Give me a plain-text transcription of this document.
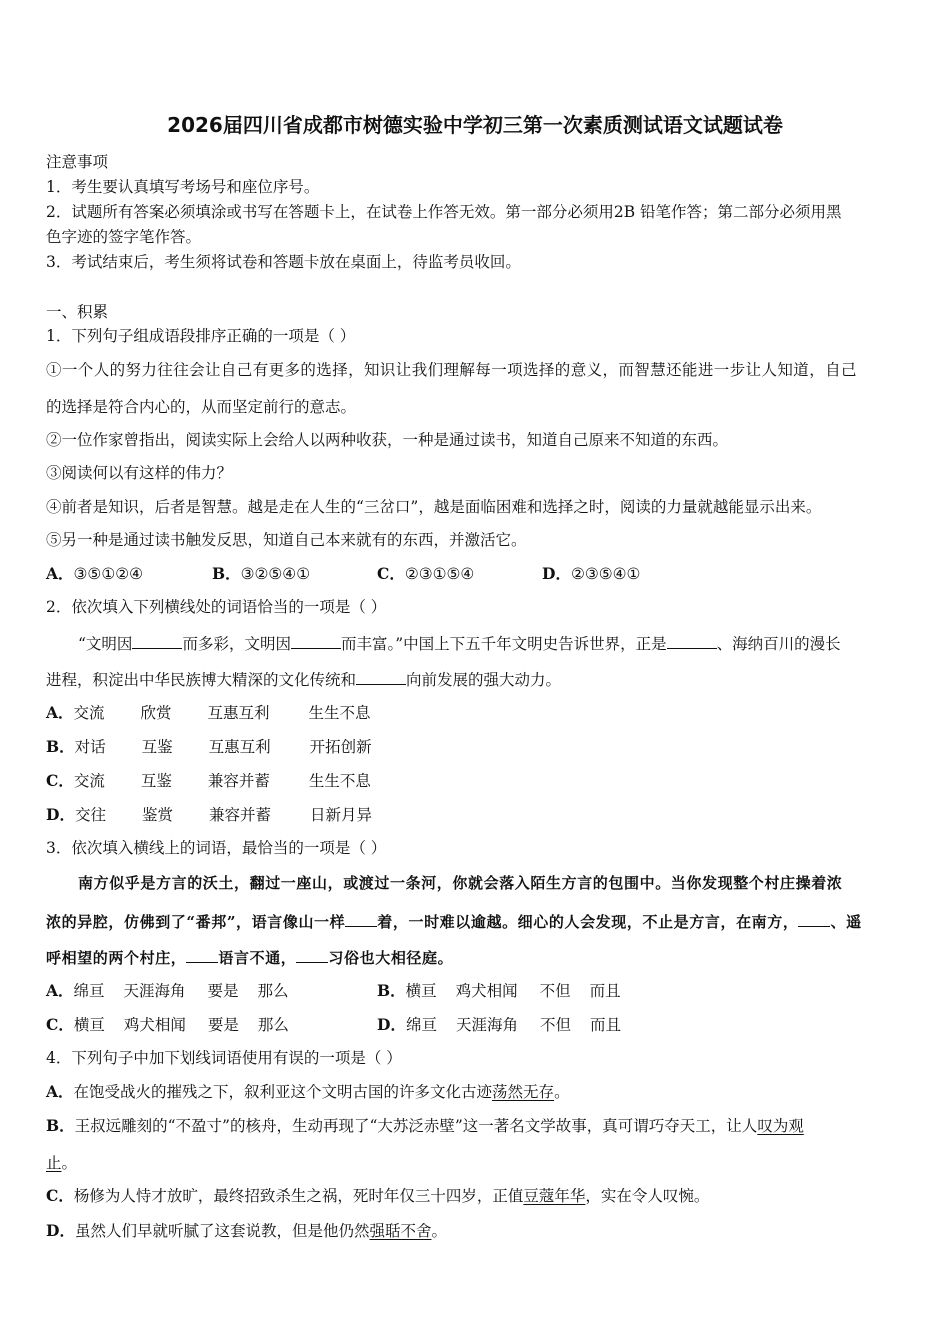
2026届四川省成都市树德实验中学初三第一次素质测试语文试题试卷
注意事项
1．考生要认真填写考场号和座位序号。
2．试题所有答案必须填涂或书写在答题卡上，在试卷上作答无效。第一部分必须用2B 铅笔作答；第二部分必须用黑
色字迹的签字笔作答。
3．考试结束后，考生须将试卷和答题卡放在桌面上，待监考员收回。
一、积累
1．下列句子组成语段排序正确的一项是（ ）
①一个人的努力往往会让自己有更多的选择，知识让我们理解每一项选择的意义，而智慧还能进一步让人知道，自己
的选择是符合内心的，从而坚定前行的意志。
②一位作家曾指出，阅读实际上会给人以两种收获，一种是通过读书，知道自己原来不知道的东西。
③阅读何以有这样的伟力？
④前者是知识，后者是智慧。越是走在人生的“三岔口”，越是面临困难和选择之时，阅读的力量就越能显示出来。
⑤另一种是通过读书触发反思，知道自己本来就有的东西，并激活它。
A．③⑤①②④	B．③②⑤④①	C．②③①⑤④	D．②③⑤④①
2．依次填入下列横线处的词语恰当的一项是（ ）
“文明因	而多彩，文明因	而丰富。”中国上下五千年文明史告诉世界，正是	、海纳百川的漫长
进程，积淀出中华民族博大精深的文化传统和	向前发展的强大动力。
A．交流 欣赏 互惠互利	生生不息
B．对话 互鉴 互惠互利	开拓创新
C．交流 互鉴 兼容并蓄	生生不息
D．交往 鉴赏 兼容并蓄	日新月异
3．依次填入横线上的词语，最恰当的一项是（ ）
南方似乎是方言的沃土，翻过一座山，或渡过一条河，你就会落入陌生方言的包围中。当你发现整个村庄操着浓
浓的异腔，仿佛到了“番邦”，语言像山一样 着，一时难以逾越。细心的人会发现，不止是方言，在南方， 、遥
呼相望的两个村庄， 语言不通， 习俗也大相径庭。
A．绵亘 天涯海角 要是 那么	B．横亘 鸡犬相闻 不但 而且
C．横亘 鸡犬相闻 要是 那么	D．绵亘 天涯海角 不但 而且
4．下列句子中加下划线词语使用有误的一项是（ ）
A．在饱受战火的摧残之下，叙利亚这个文明古国的许多文化古迹荡然无存。
B．王叔远雕刻的“不盈寸”的核舟，生动再现了“大苏泛赤壁”这一著名文学故事，真可谓巧夺天工，让人叹为观
止。
C．杨修为人恃才放旷，最终招致杀生之祸，死时年仅三十四岁，正值豆蔻年华，实在令人叹惋。
D．虽然人们早就听腻了这套说教，但是他仍然强聒不舍。
